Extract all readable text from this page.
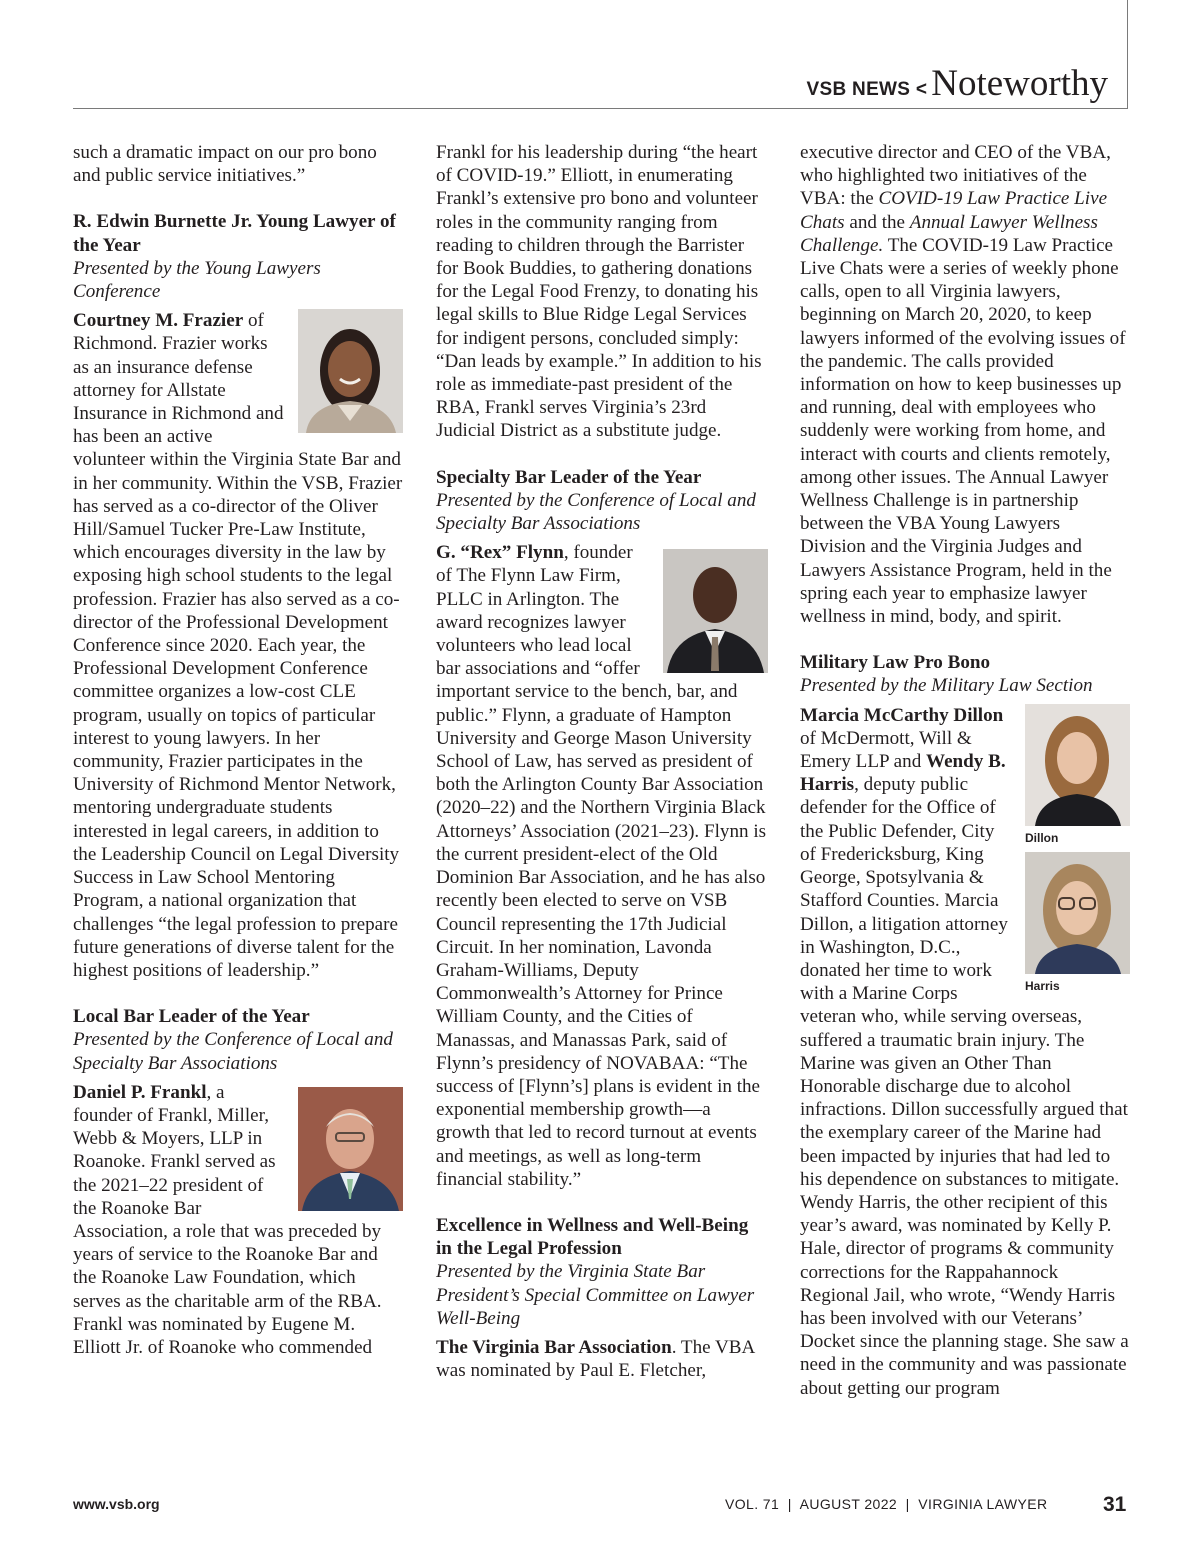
VSB NEWS < Noteworthy

such a dramatic impact on our pro bono and public service initiatives.”

R. Edwin Burnette Jr. Young Lawyer of the Year

Presented by the Young Lawyers Conference

Courtney M. Frazier of Richmond. Frazier works as an insurance defense attorney for Allstate Insurance in Richmond and has been an active volunteer within the Virginia State Bar and in her community. Within the VSB, Frazier has served as a co-director of the Oliver Hill/Samuel Tucker Pre-Law Institute, which encourages diversity in the law by exposing high school students to the legal profession. Frazier has also served as a co-director of the Professional Development Conference since 2020. Each year, the Professional Development Conference committee organizes a low-cost CLE program, usually on topics of particular interest to young lawyers. In her community, Frazier participates in the University of Richmond Mentor Network, mentoring undergraduate students interested in legal careers, in addition to the Leadership Council on Legal Diversity Success in Law School Mentoring Program, a national organization that challenges “the legal profession to prepare future generations of diverse talent for the highest positions of leadership.”

Local Bar Leader of the Year

Presented by the Conference of Local and Specialty Bar Associations

Daniel P. Frankl, a founder of Frankl, Miller, Webb & Moyers, LLP in Roanoke. Frankl served as the 2021–22 president of the Roanoke Bar Association, a role that was preceded by years of service to the Roanoke Bar and the Roanoke Law Foundation, which serves as the charitable arm of the RBA. Frankl was nominated by Eugene M. Elliott Jr. of Roanoke who commended

Frankl for his leadership during “the heart of COVID-19.” Elliott, in enumerating Frankl’s extensive pro bono and volunteer roles in the community ranging from reading to children through the Barrister for Book Buddies, to gathering donations for the Legal Food Frenzy, to donating his legal skills to Blue Ridge Legal Services for indigent persons, concluded simply: “Dan leads by example.” In addition to his role as immediate-past president of the RBA, Frankl serves Virginia’s 23rd Judicial District as a substitute judge.

Specialty Bar Leader of the Year

Presented by the Conference of Local and Specialty Bar Associations

G. “Rex” Flynn, founder of The Flynn Law Firm, PLLC in Arlington. The award recognizes lawyer volunteers who lead local bar associations and “offer important service to the bench, bar, and public.” Flynn, a graduate of Hampton University and George Mason University School of Law, has served as president of both the Arlington County Bar Association (2020–22) and the Northern Virginia Black Attorneys’ Association (2021–23). Flynn is the current president-elect of the Old Dominion Bar Association, and he has also recently been elected to serve on VSB Council representing the 17th Judicial Circuit. In her nomination, Lavonda Graham-Williams, Deputy Commonwealth’s Attorney for Prince William County, and the Cities of Manassas, and Manassas Park, said of Flynn’s presidency of NOVABAA: “The success of [Flynn’s] plans is evident in the exponential membership growth—a growth that led to record turnout at events and meetings, as well as long-term financial stability.”

Excellence in Wellness and Well-Being in the Legal Profession

Presented by the Virginia State Bar President’s Special Committee on Lawyer Well-Being

The Virginia Bar Association. The VBA was nominated by Paul E. Fletcher,

executive director and CEO of the VBA, who highlighted two initiatives of the VBA: the COVID-19 Law Practice Live Chats and the Annual Lawyer Wellness Challenge. The COVID-19 Law Practice Live Chats were a series of weekly phone calls, open to all Virginia lawyers, beginning on March 20, 2020, to keep lawyers informed of the evolving issues of the pandemic. The calls provided information on how to keep businesses up and running, deal with employees who suddenly were working from home, and interact with courts and clients remotely, among other issues. The Annual Lawyer Wellness Challenge is in partnership between the VBA Young Lawyers Division and the Virginia Judges and Lawyers Assistance Program, held in the spring each year to emphasize lawyer wellness in mind, body, and spirit.

Military Law Pro Bono

Presented by the Military Law Section

Dillon
Harris

Marcia McCarthy Dillon of McDermott, Will & Emery LLP and Wendy B. Harris, deputy public defender for the Office of the Public Defender, City of Fredericksburg, King George, Spotsylvania & Stafford Counties. Marcia Dillon, a litigation attorney in Washington, D.C., donated her time to work with a Marine Corps veteran who, while serving overseas, suffered a traumatic brain injury. The Marine was given an Other Than Honorable discharge due to alcohol infractions. Dillon successfully argued that the exemplary career of the Marine had been impacted by injuries that had led to his dependence on substances to mitigate. Wendy Harris, the other recipient of this year’s award, was nominated by Kelly P. Hale, director of programs & community corrections for the Rappahannock Regional Jail, who wrote, “Wendy Harris has been involved with our Veterans’ Docket since the planning stage. She saw a need in the community and was passionate about getting our program

www.vsb.org	VOL. 71  |  AUGUST 2022  |  VIRGINIA LAWYER	31
